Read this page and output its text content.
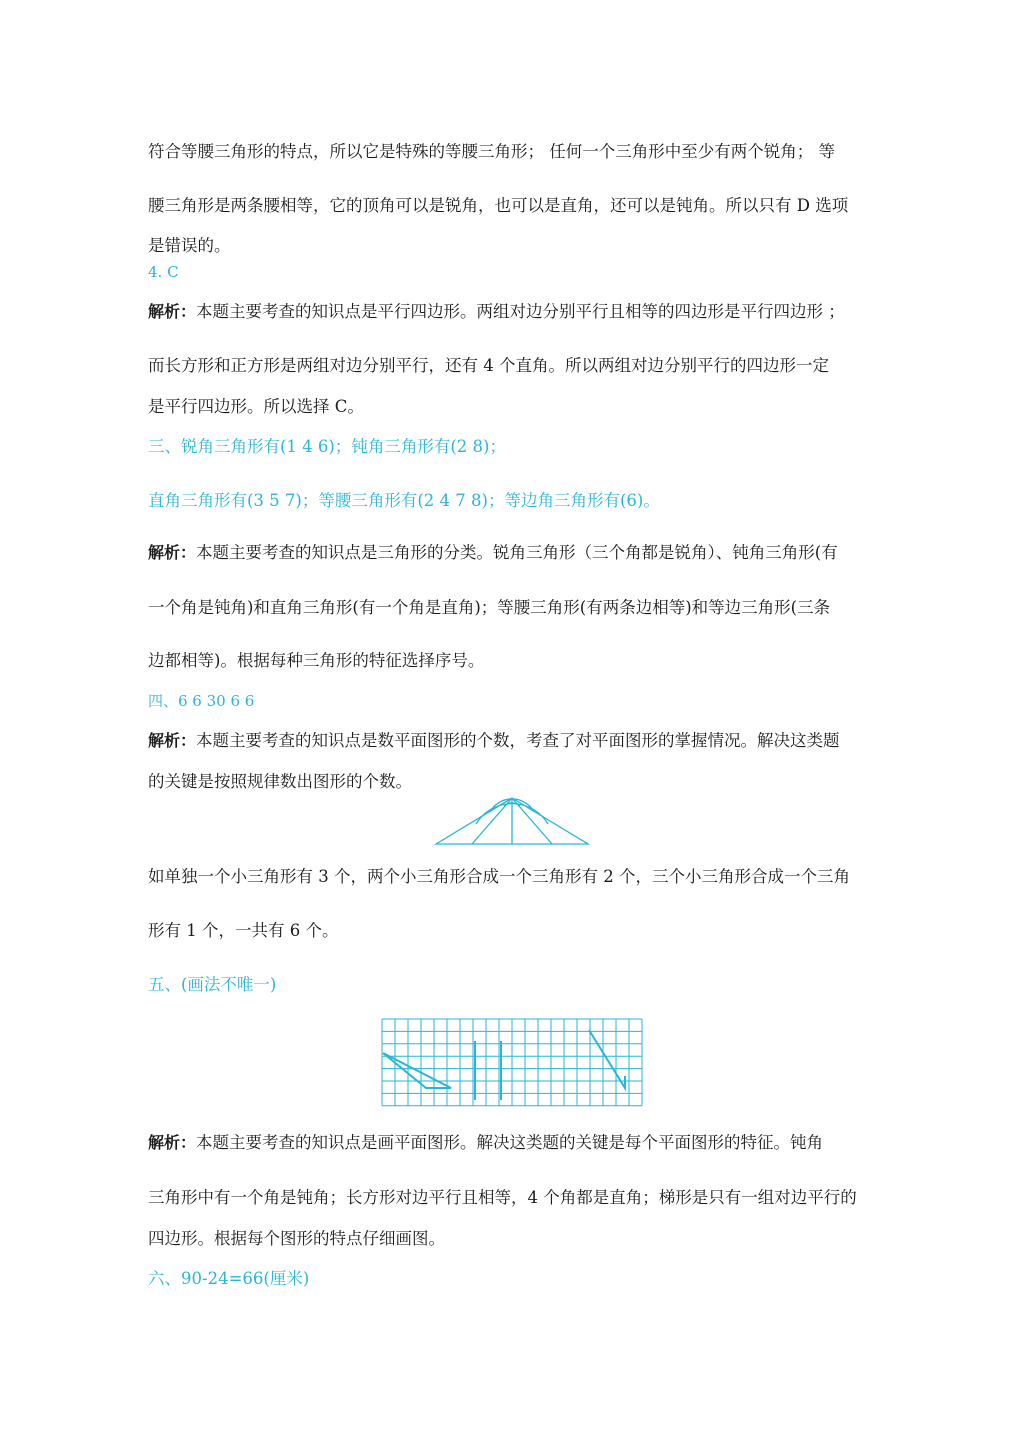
符合等腰三角形的特点，所以它是特殊的等腰三角形； 任何一个三角形中至少有两个锐角； 等
腰三角形是两条腰相等，它的顶角可以是锐角，也可以是直角，还可以是钝角。所以只有 D 选项
是错误的。
4. C
解析：本题主要考查的知识点是平行四边形。两组对边分别平行且相等的四边形是平行四边形 ；
而长方形和正方形是两组对边分别平行，还有 4 个直角。所以两组对边分别平行的四边形一定
是平行四边形。所以选择 C。
三、锐角三角形有(1 4 6)；钝角三角形有(2 8)；
直角三角形有(3 5 7)；等腰三角形有(2 4 7 8)；等边角三角形有(6)。
解析：本题主要考查的知识点是三角形的分类。锐角三角形（三个角都是锐角）、钝角三角形(有
一个角是钝角)和直角三角形(有一个角是直角)；等腰三角形(有两条边相等)和等边三角形(三条
边都相等)。根据每种三角形的特征选择序号。
四、6 6 30 6 6
解析：本题主要考查的知识点是数平面图形的个数，考查了对平面图形的掌握情况。解决这类题
的关键是按照规律数出图形的个数。
如单独一个小三角形有 3 个，两个小三角形合成一个三角形有 2 个，三个小三角形合成一个三角
形有 1 个，一共有 6 个。
五、(画法不唯一)
解析：本题主要考查的知识点是画平面图形。解决这类题的关键是每个平面图形的特征。钝角
三角形中有一个角是钝角；长方形对边平行且相等，4 个角都是直角；梯形是只有一组对边平行的
四边形。根据每个图形的特点仔细画图。
六、90-24=66(厘米)
